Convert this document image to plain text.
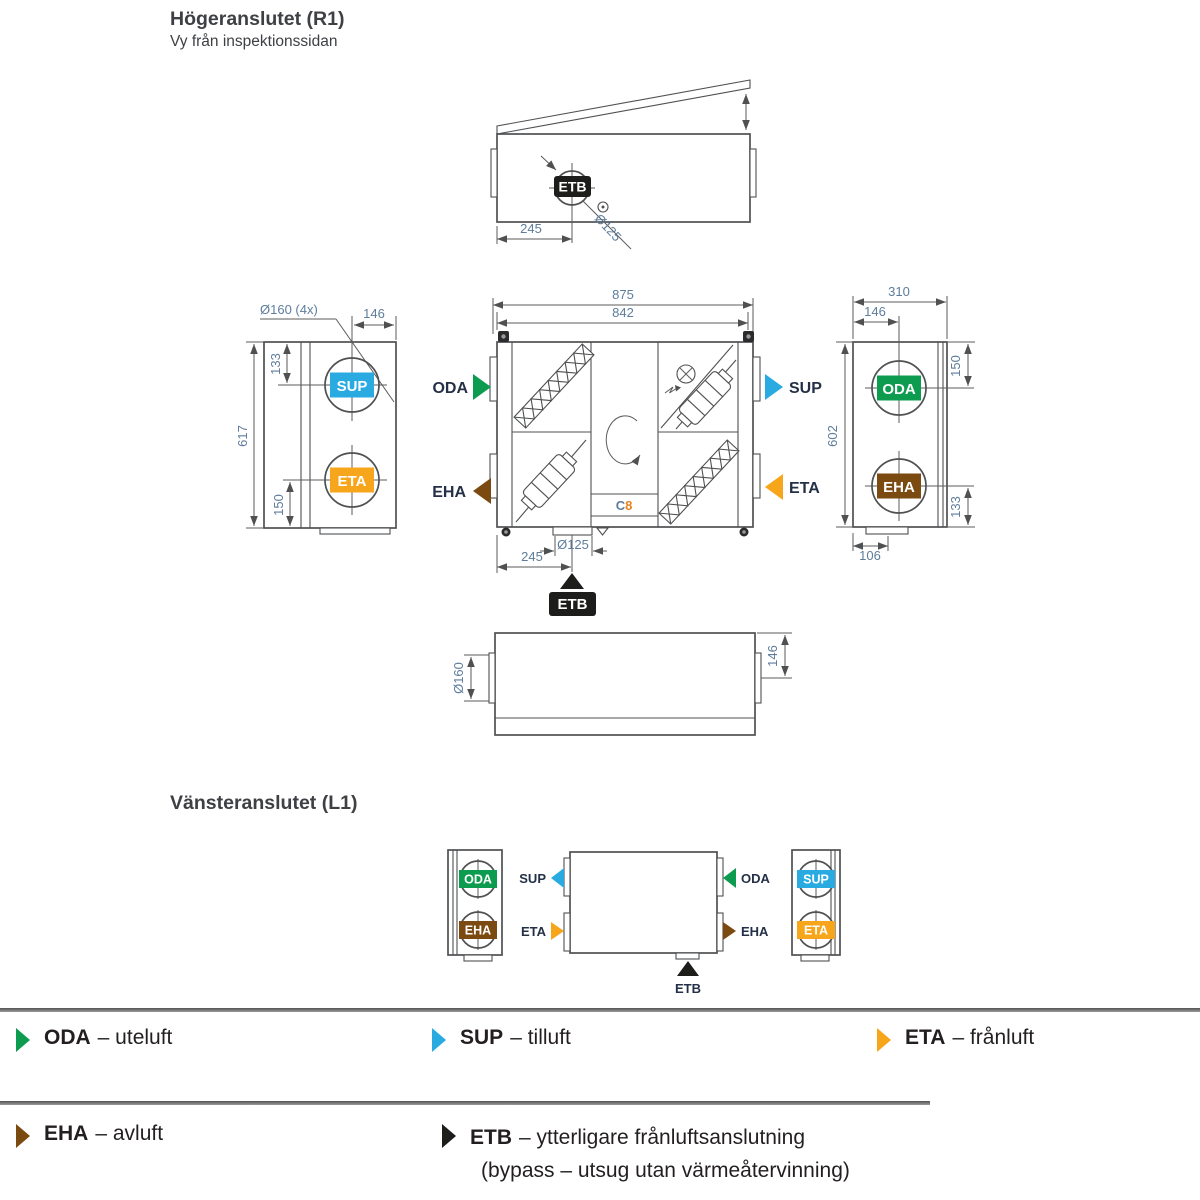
Högeranslutet (R1)
Vy från inspektionssidan
Vänsteranslutet (L1)
ETB
Ø125
245
Ø160 (4x)
SUP
ETA
146
133
150
617
875
842
C8
ODA
EHA
SUP
ETA
Ø125
245
ETB
310
146
ODA
EHA
150
133
602
106
Ø160
146
ODA
EHA
SUP
ETA
ODA
EHA
ETB
SUP
ETA
ODA – uteluft	SUP – tilluft	ETA – frånluft
EHA – avluft	ETB – ytterligare frånluftsanslutning
(bypass – utsug utan värmeåtervinning)
